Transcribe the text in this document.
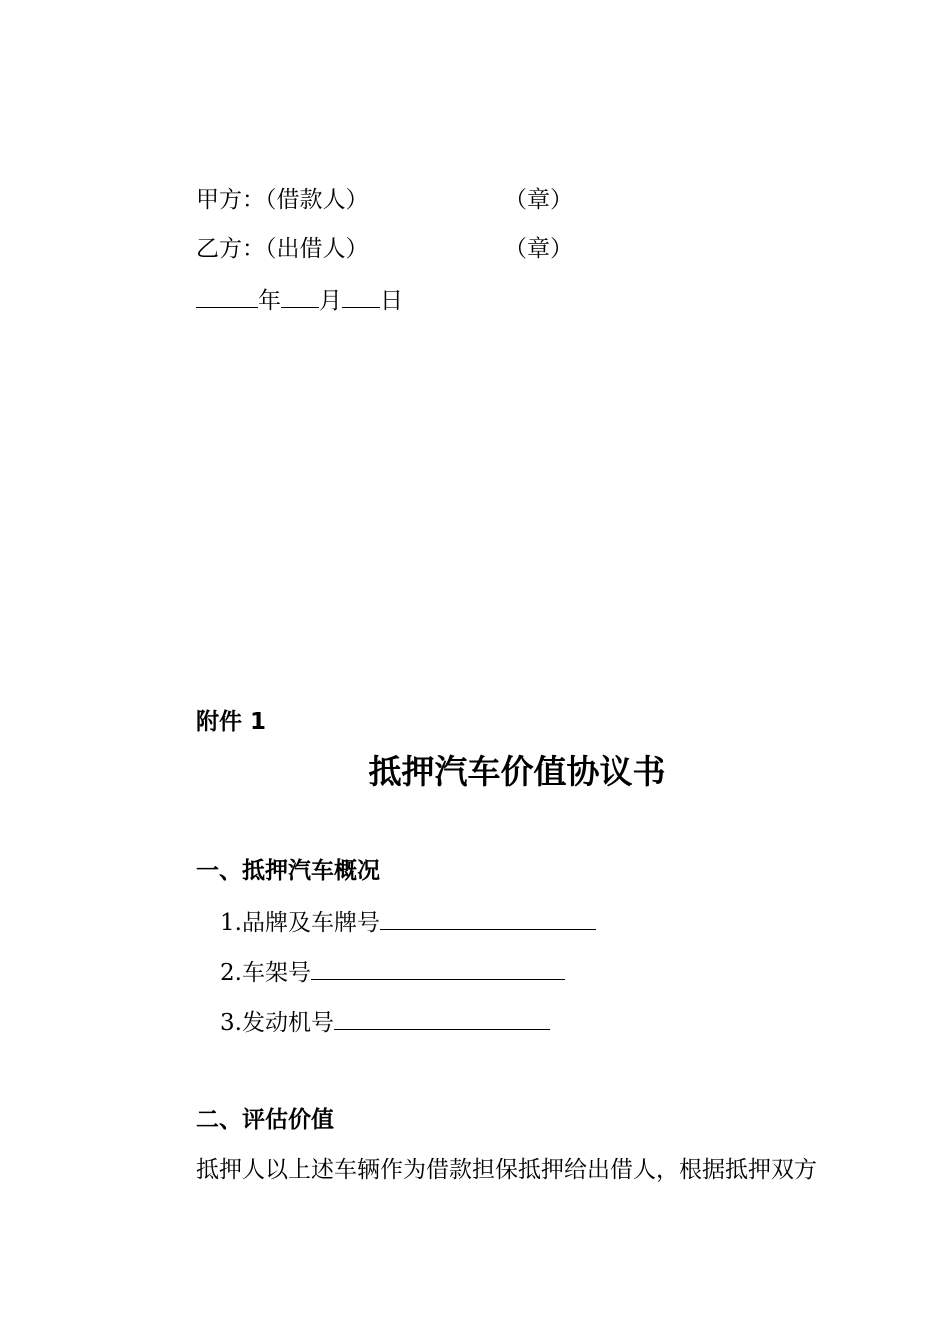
甲方：（借款人）	（章）
乙方：（出借人）	（章）
年 月 日
附件 1
抵押汽车价值协议书
一、抵押汽车概况
1.品牌及车牌号
2.车架号
3.发动机号
二、评估价值
抵押人以上述车辆作为借款担保抵押给出借人，根据抵押双方
